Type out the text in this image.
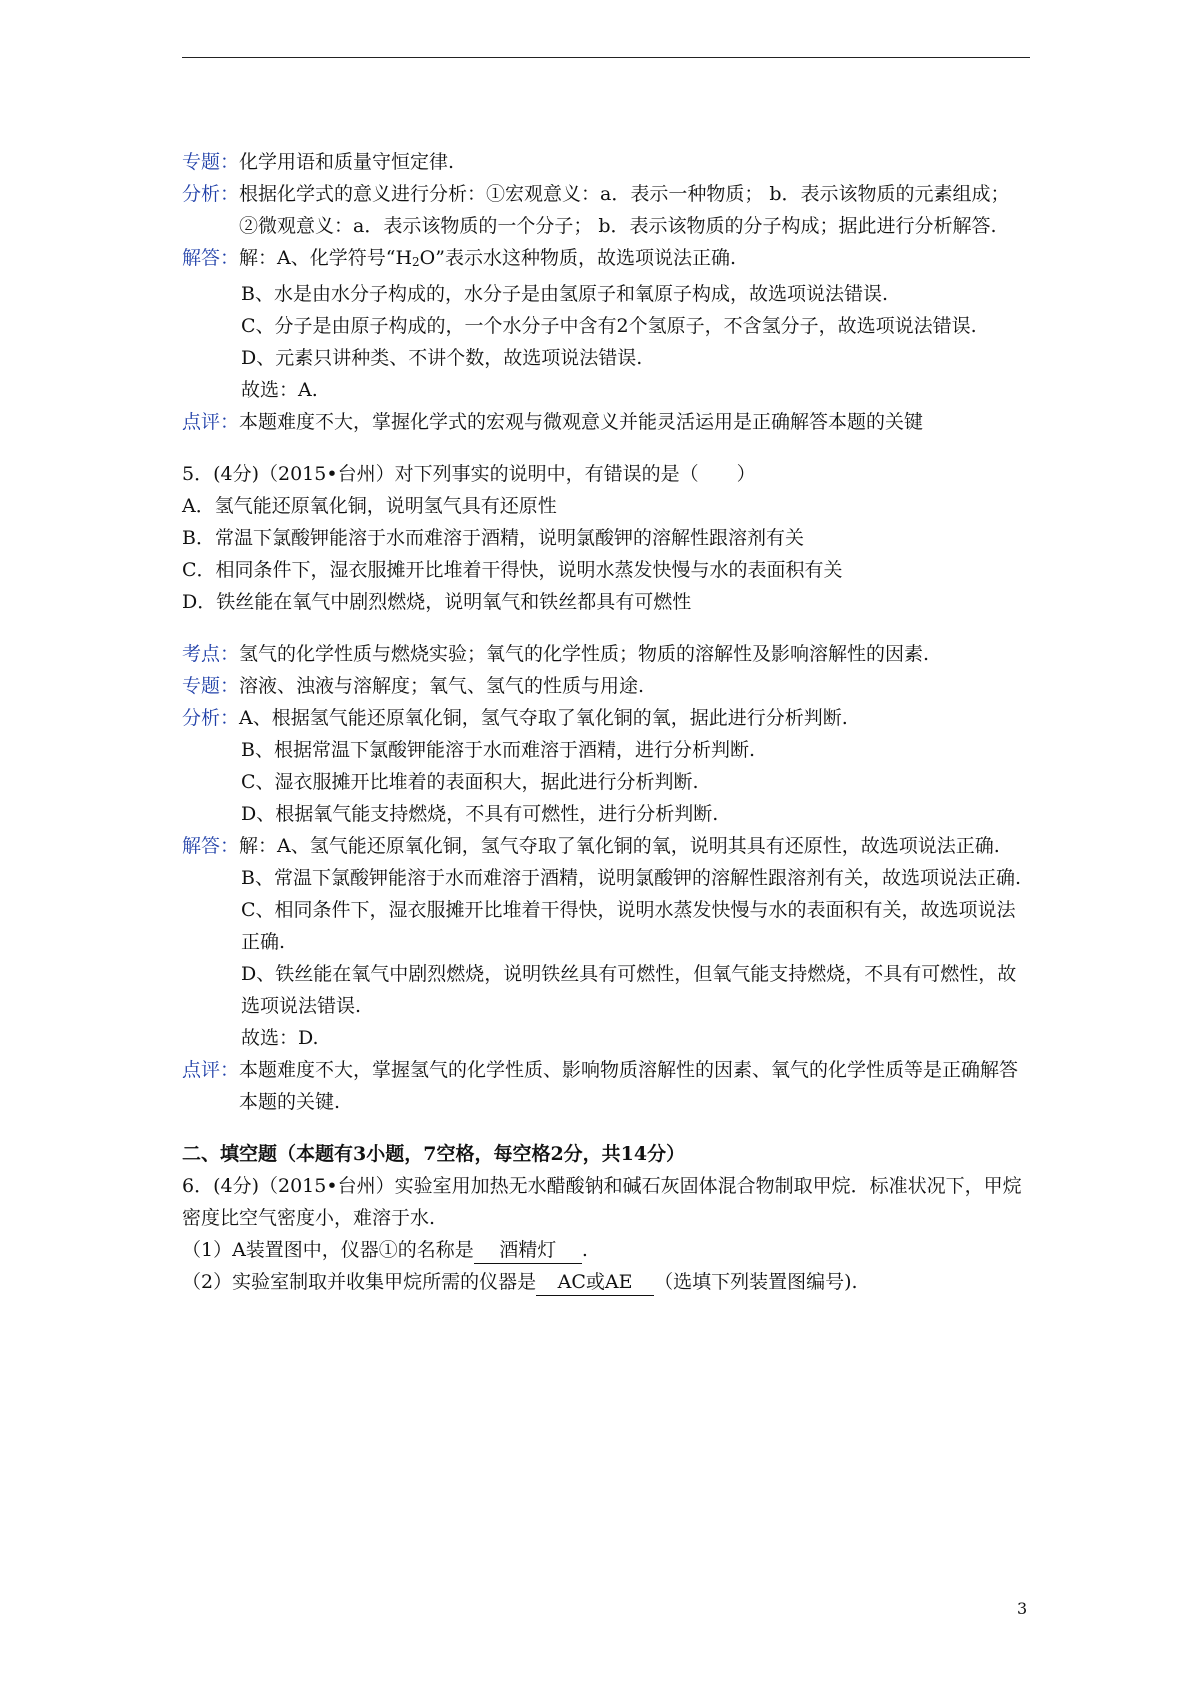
专题： 化学用语和质量守恒定律.
分析： 根据化学式的意义进行分析：①宏观意义：a．表示一种物质； b．表示该物质的元素组成； ②微观意义：a．表示该物质的一个分子； b．表示该物质的分子构成；据此进行分析解答.
解答： 解：A、化学符号“H2O”表示水这种物质，故选项说法正确.
B、水是由水分子构成的，水分子是由氢原子和氧原子构成，故选项说法错误.
C、分子是由原子构成的，一个水分子中含有2个氢原子，不含氢分子，故选项说法错误.
D、元素只讲种类、不讲个数，故选项说法错误.
故选：A.
点评： 本题难度不大，掌握化学式的宏观与微观意义并能灵活运用是正确解答本题的关键
5．(4分)（2015•台州）对下列事实的说明中，有错误的是（　　）
A．氢气能还原氧化铜，说明氢气具有还原性
B．常温下氯酸钾能溶于水而难溶于酒精，说明氯酸钾的溶解性跟溶剂有关
C．相同条件下，湿衣服摊开比堆着干得快，说明水蒸发快慢与水的表面积有关
D．铁丝能在氧气中剧烈燃烧，说明氧气和铁丝都具有可燃性
考点： 氢气的化学性质与燃烧实验；氧气的化学性质；物质的溶解性及影响溶解性的因素.
专题： 溶液、浊液与溶解度；氧气、氢气的性质与用途.
分析： A、根据氢气能还原氧化铜，氢气夺取了氧化铜的氧，据此进行分析判断.
B、根据常温下氯酸钾能溶于水而难溶于酒精，进行分析判断.
C、湿衣服摊开比堆着的表面积大，据此进行分析判断.
D、根据氧气能支持燃烧，不具有可燃性，进行分析判断.
解答： 解：A、氢气能还原氧化铜，氢气夺取了氧化铜的氧，说明其具有还原性，故选项说法正确.
B、常温下氯酸钾能溶于水而难溶于酒精，说明氯酸钾的溶解性跟溶剂有关，故选项说法正确.
C、相同条件下，湿衣服摊开比堆着干得快，说明水蒸发快慢与水的表面积有关，故选项说法正确.
D、铁丝能在氧气中剧烈燃烧，说明铁丝具有可燃性，但氧气能支持燃烧，不具有可燃性，故选项说法错误.
故选：D.
点评： 本题难度不大，掌握氢气的化学性质、影响物质溶解性的因素、氧气的化学性质等是正确解答本题的关键.
二、填空题（本题有3小题，7空格，每空格2分，共14分）
6．(4分)（2015•台州）实验室用加热无水醋酸钠和碱石灰固体混合物制取甲烷．标准状况下，甲烷密度比空气密度小，难溶于水.
（1）A装置图中，仪器①的名称是 酒精灯 .
（2）实验室制取并收集甲烷所需的仪器是 AC或AE （选填下列装置图编号).
3
